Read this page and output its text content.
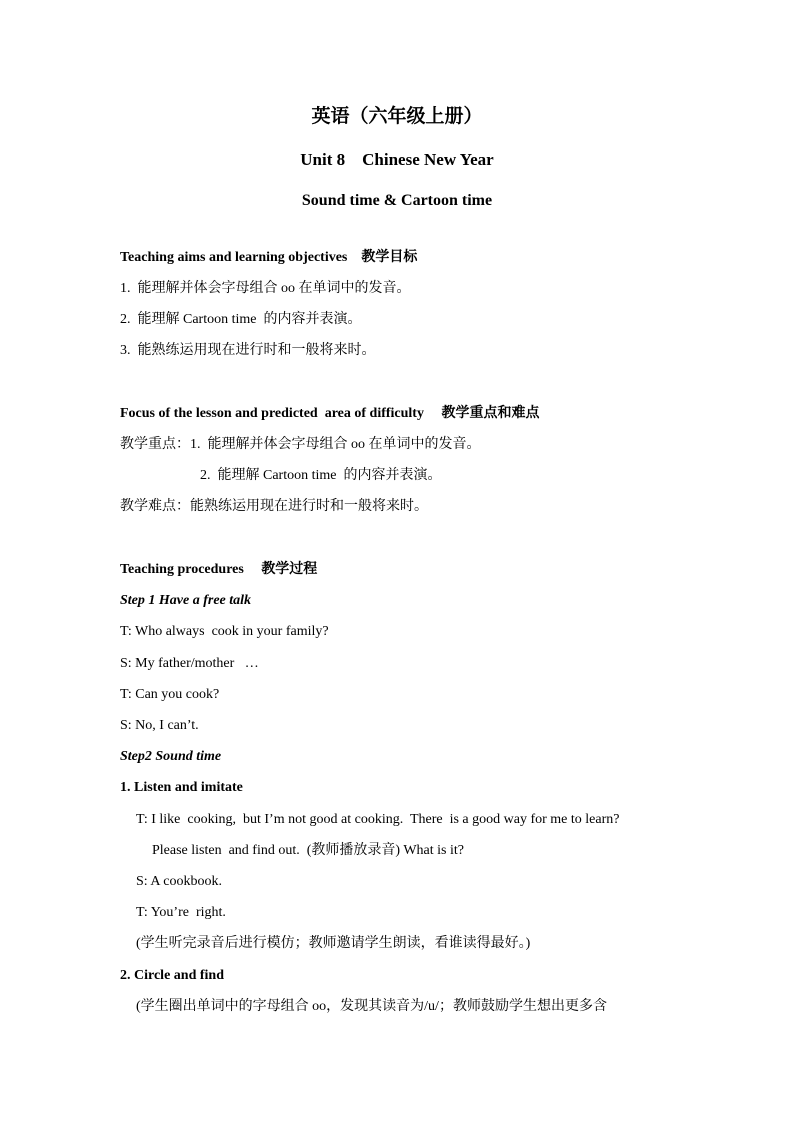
英语（六年级上册）
Unit 8    Chinese New Year
Sound time & Cartoon time
Teaching aims and learning objectives    教学目标
1.  能理解并体会字母组合 oo 在单词中的发音。
2.  能理解 Cartoon time  的内容并表演。
3.  能熟练运用现在进行时和一般将来时。
Focus of the lesson and predicted  area of difficulty     教学重点和难点
教学重点：1.  能理解并体会字母组合 oo 在单词中的发音。
2.  能理解 Cartoon time  的内容并表演。
教学难点：能熟练运用现在进行时和一般将来时。
Teaching procedures     教学过程
Step 1 Have a free talk
T: Who always  cook in your family?
S: My father/mother   …
T: Can you cook?
S: No, I can’t.
Step2 Sound time
1. Listen and imitate
T: I like  cooking,  but I’m not good at cooking.  There  is a good way for me to learn?
Please listen  and find out.  (教师播放录音) What is it?
S: A cookbook.
T: You’re  right.
(学生听完录音后进行模仿；教师邀请学生朗读，看谁读得最好。)
2. Circle and find
(学生圈出单词中的字母组合 oo，发现其读音为/u/；教师鼓励学生想出更多含
